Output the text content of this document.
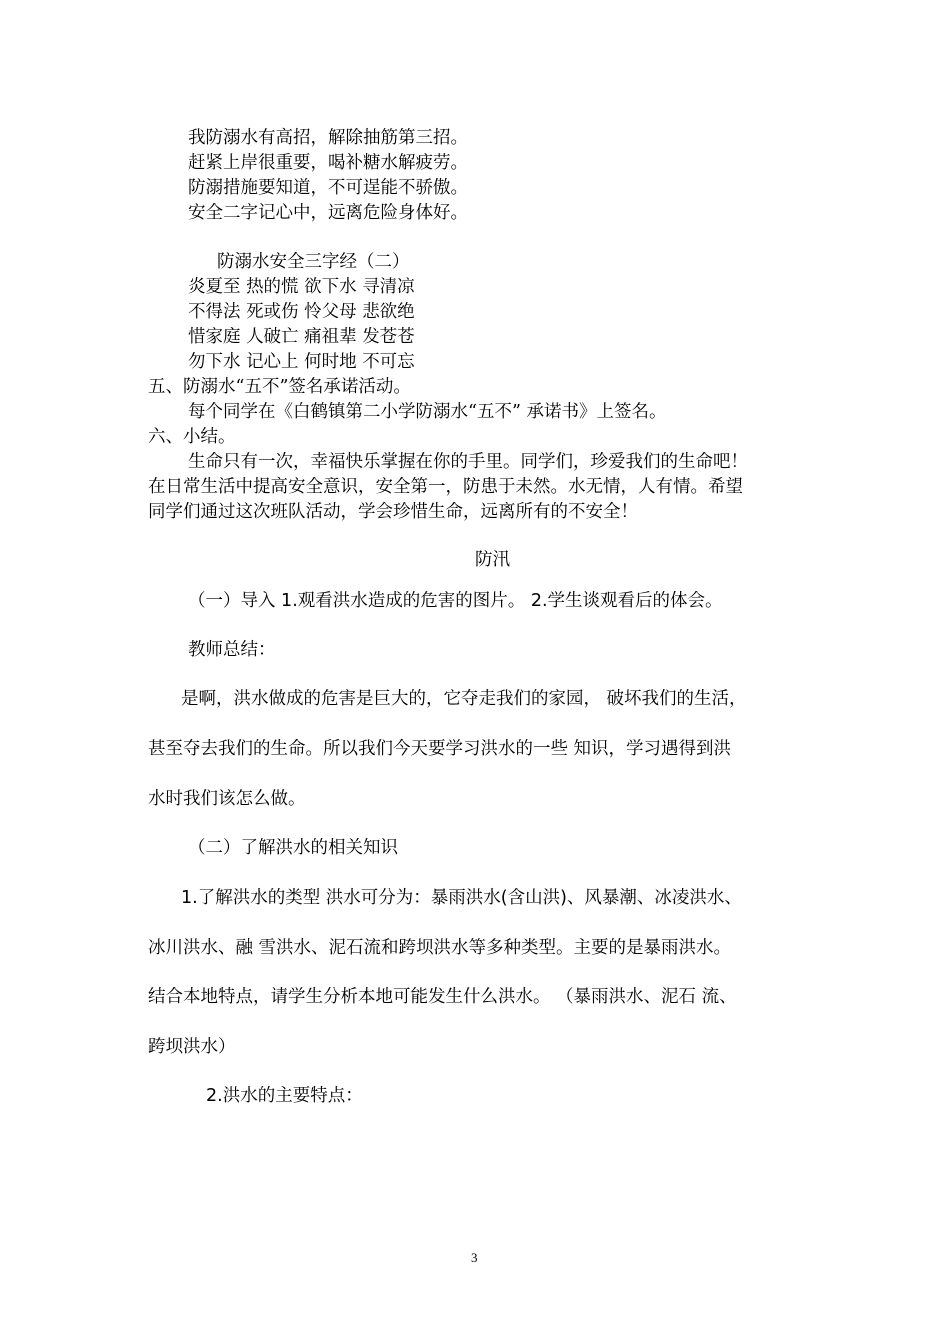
我防溺水有高招，解除抽筋第三招。
赶紧上岸很重要，喝补糖水解疲劳。
防溺措施要知道，不可逞能不骄傲。
安全二字记心中，远离危险身体好。
防溺水安全三字经（二）
炎夏至 热的慌 欲下水 寻清凉
不得法 死或伤 怜父母 悲欲绝
惜家庭 人破亡 痛祖辈 发苍苍
勿下水 记心上 何时地 不可忘
五、防溺水“五不”签名承诺活动。
每个同学在《白鹤镇第二小学防溺水“五不” 承诺书》上签名。
六、小结。
生命只有一次，幸福快乐掌握在你的手里。同学们，珍爱我们的生命吧！
在日常生活中提高安全意识，安全第一，防患于未然。水无情，人有情。希望
同学们通过这次班队活动，学会珍惜生命，远离所有的不安全！
防汛
（一）导入 1.观看洪水造成的危害的图片。 2.学生谈观看后的体会。
教师总结：
是啊，洪水做成的危害是巨大的，它夺走我们的家园， 破坏我们的生活，
甚至夺去我们的生命。所以我们今天要学习洪水的一些 知识，学习遇得到洪
水时我们该怎么做。
（二）了解洪水的相关知识
1.了解洪水的类型 洪水可分为：暴雨洪水(含山洪)、风暴潮、冰凌洪水、
冰川洪水、融 雪洪水、泥石流和跨坝洪水等多种类型。主要的是暴雨洪水。
结合本地特点，请学生分析本地可能发生什么洪水。 （暴雨洪水、泥石 流、
跨坝洪水）
2.洪水的主要特点：
3
